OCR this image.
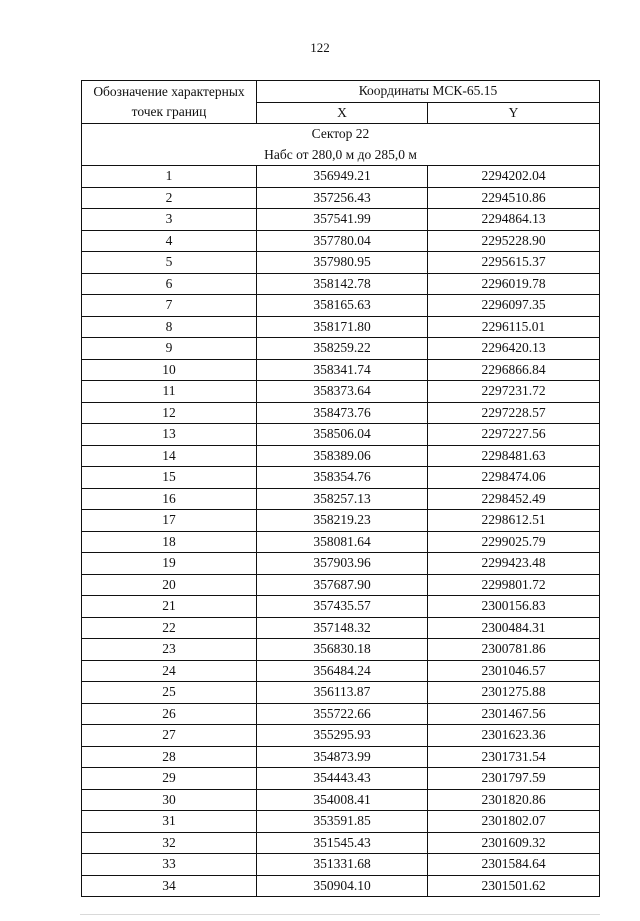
122
Обозначение характерных
точек границ	Координаты МСК-65.15	
	X	Y
Сектор 22
Набс от 280,0 м до 285,0 м		
1	356949.21	2294202.04
2	357256.43	2294510.86
3	357541.99	2294864.13
4	357780.04	2295228.90
5	357980.95	2295615.37
6	358142.78	2296019.78
7	358165.63	2296097.35
8	358171.80	2296115.01
9	358259.22	2296420.13
10	358341.74	2296866.84
11	358373.64	2297231.72
12	358473.76	2297228.57
13	358506.04	2297227.56
14	358389.06	2298481.63
15	358354.76	2298474.06
16	358257.13	2298452.49
17	358219.23	2298612.51
18	358081.64	2299025.79
19	357903.96	2299423.48
20	357687.90	2299801.72
21	357435.57	2300156.83
22	357148.32	2300484.31
23	356830.18	2300781.86
24	356484.24	2301046.57
25	356113.87	2301275.88
26	355722.66	2301467.56
27	355295.93	2301623.36
28	354873.99	2301731.54
29	354443.43	2301797.59
30	354008.41	2301820.86
31	353591.85	2301802.07
32	351545.43	2301609.32
33	351331.68	2301584.64
34	350904.10	2301501.62
